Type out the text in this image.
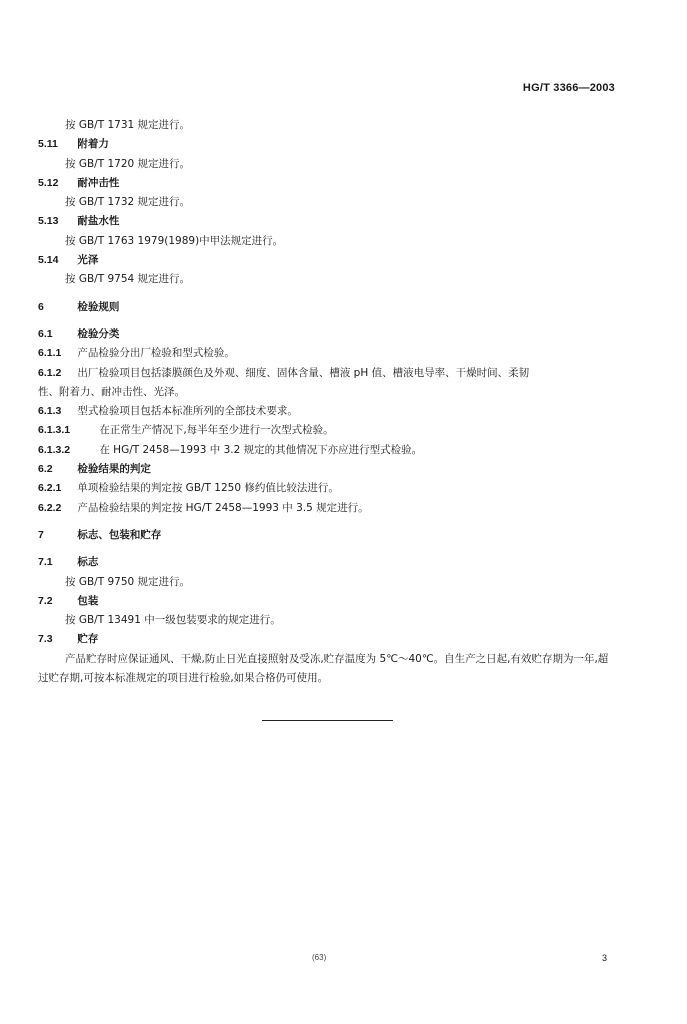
HG/T 3366—2003
按 GB/T 1731 规定进行。
5.11 附着力
按 GB/T 1720 规定进行。
5.12 耐冲击性
按 GB/T 1732 规定进行。
5.13 耐盐水性
按 GB/T 1763 1979(1989)中甲法规定进行。
5.14 光泽
按 GB/T 9754 规定进行。
6	检验规则
6.1 检验分类
6.1.1 产品检验分出厂检验和型式检验。
6.1.2 出厂检验项目包括漆膜颜色及外观、细度、固体含量、槽液 pH 值、槽液电导率、干燥时间、柔韧
性、附着力、耐冲击性、光泽。
6.1.3 型式检验项目包括本标准所列的全部技术要求。
6.1.3.1	在正常生产情况下,每半年至少进行一次型式检验。
6.1.3.2	在 HG/T 2458—1993 中 3.2 规定的其他情况下亦应进行型式检验。
6.2 检验结果的判定
6.2.1 单项检验结果的判定按 GB/T 1250 修约值比较法进行。
6.2.2 产品检验结果的判定按 HG/T 2458—1993 中 3.5 规定进行。
7	标志、包装和贮存
7.1 标志
按 GB/T 9750 规定进行。
7.2 包装
按 GB/T 13491 中一级包装要求的规定进行。
7.3 贮存
产品贮存时应保证通风、干燥,防止日光直接照射及受冻,贮存温度为 5℃～40℃。自生产之日起,有效贮存期为一年,超过贮存期,可按本标准规定的项目进行检验,如果合格仍可使用。
(63)	3
